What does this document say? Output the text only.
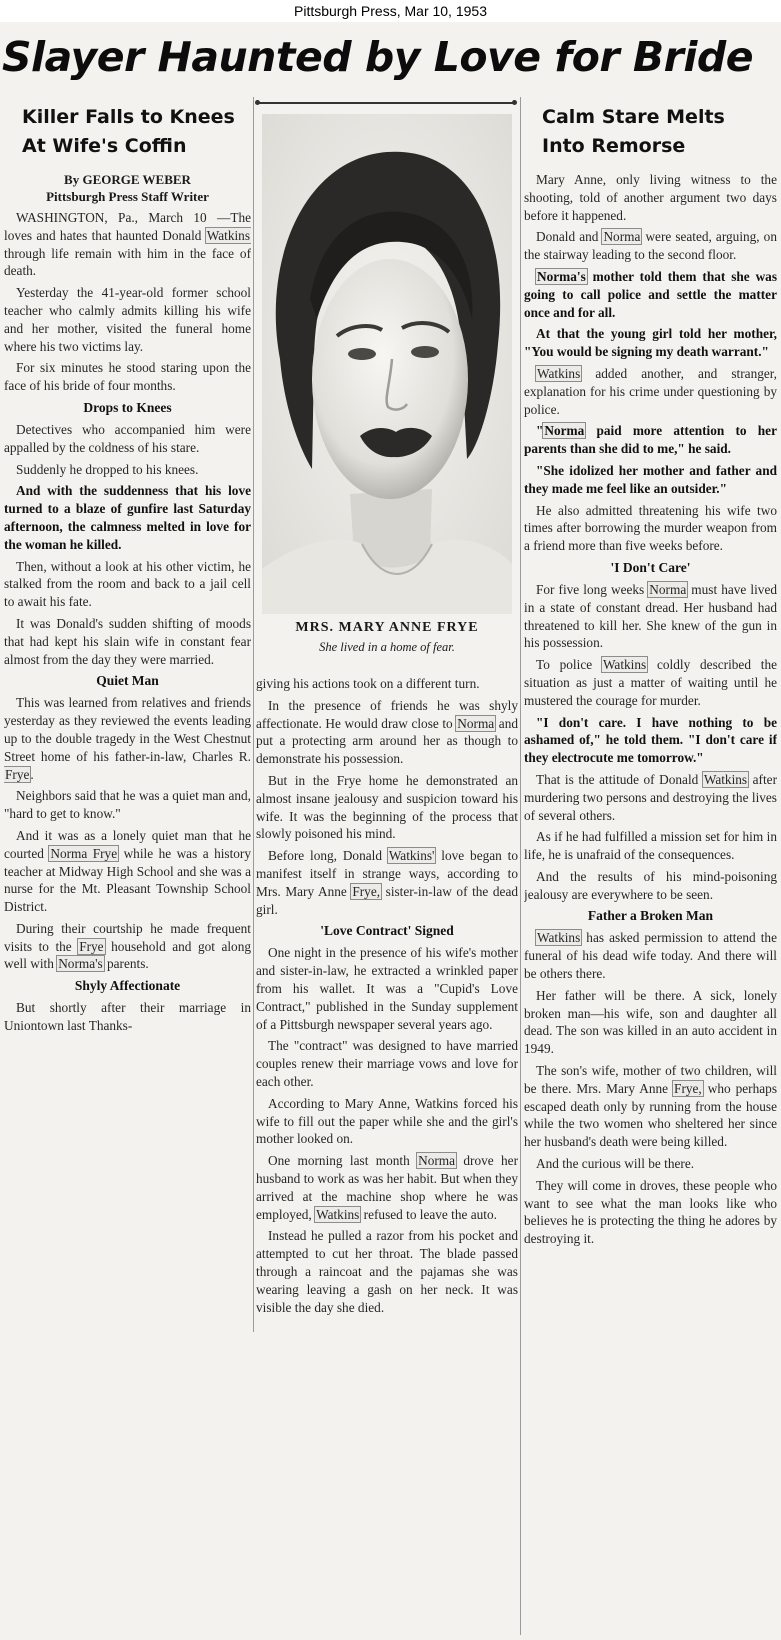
Pittsburgh Press, Mar 10, 1953
Slayer Haunted by Love for Bride
Killer Falls to Knees
At Wife's Coffin
By GEORGE WEBER
Pittsburgh Press Staff Writer

WASHINGTON, Pa., March 10 —The loves and hates that haunted Donald Watkins through life remain with him in the face of death.

Yesterday the 41-year-old former school teacher who calmly admits killing his wife and her mother, visited the funeral home where his two victims lay.

For six minutes he stood staring upon the face of his bride of four months.

Drops to Knees

Detectives who accompanied him were appalled by the coldness of his stare.

Suddenly he dropped to his knees.

And with the suddenness that his love turned to a blaze of gunfire last Saturday afternoon, the calmness melted in love for the woman he killed.

Then, without a look at his other victim, he stalked from the room and back to a jail cell to await his fate.

It was Donald's sudden shifting of moods that had kept his slain wife in constant fear almost from the day they were married.

Quiet Man

This was learned from relatives and friends yesterday as they reviewed the events leading up to the double tragedy in the West Chestnut Street home of his father-in-law, Charles R. Frye.

Neighbors said that he was a quiet man and, "hard to get to know."

And it was as a lonely quiet man that he courted Norma Frye while he was a history teacher at Midway High School and she was a nurse for the Mt. Pleasant Township School District.

During their courtship he made frequent visits to the Frye household and got along well with Norma's parents.

Shyly Affectionate

But shortly after their marriage in Uniontown last Thanks-

MRS. MARY ANNE FRYE
She lived in a home of fear.

giving his actions took on a different turn.

In the presence of friends he was shyly affectionate. He would draw close to Norma and put a protecting arm around her as though to demonstrate his possession.

But in the Frye home he demonstrated an almost insane jealousy and suspicion toward his wife. It was the beginning of the process that slowly poisoned his mind.

Before long, Donald Watkins' love began to manifest itself in strange ways, according to Mrs. Mary Anne Frye, sister-in-law of the dead girl.

'Love Contract' Signed

One night in the presence of his wife's mother and sister-in-law, he extracted a wrinkled paper from his wallet. It was a "Cupid's Love Contract," published in the Sunday supplement of a Pittsburgh newspaper several years ago.

The "contract" was designed to have married couples renew their marriage vows and love for each other.

According to Mary Anne, Watkins forced his wife to fill out the paper while she and the girl's mother looked on.

One morning last month Norma drove her husband to work as was her habit. But when they arrived at the machine shop where he was employed, Watkins refused to leave the auto.

Instead he pulled a razor from his pocket and attempted to cut her throat. The blade passed through a raincoat and the pajamas she was wearing leaving a gash on her neck. It was visible the day she died.

Calm Stare Melts
Into Remorse

Mary Anne, only living witness to the shooting, told of another argument two days before it happened.

Donald and Norma were seated, arguing, on the stairway leading to the second floor.

Norma's mother told them that she was going to call police and settle the matter once and for all.

At that the young girl told her mother, "You would be signing my death warrant."

Watkins added another, and stranger, explanation for his crime under questioning by police.

"Norma paid more attention to her parents than she did to me," he said.

"She idolized her mother and father and they made me feel like an outsider."

He also admitted threatening his wife two times after borrowing the murder weapon from a friend more than five weeks before.

'I Don't Care'

For five long weeks Norma must have lived in a state of constant dread. Her husband had threatened to kill her. She knew of the gun in his possession.

To police Watkins coldly described the situation as just a matter of waiting until he mustered the courage for murder.

"I don't care. I have nothing to be ashamed of," he told them. "I don't care if they electrocute me tomorrow."

That is the attitude of Donald Watkins after murdering two persons and destroying the lives of several others.

As if he had fulfilled a mission set for him in life, he is unafraid of the consequences.

And the results of his mind-poisoning jealousy are everywhere to be seen.

Father a Broken Man

Watkins has asked permission to attend the funeral of his dead wife today. And there will be others there.

Her father will be there. A sick, lonely broken man—his wife, son and daughter all dead. The son was killed in an auto accident in 1949.

The son's wife, mother of two children, will be there. Mrs. Mary Anne Frye, who perhaps escaped death only by running from the house while the two women who sheltered her since her husband's death were being killed.

And the curious will be there.

They will come in droves, these people who want to see what the man looks like who believes he is protecting the thing he adores by destroying it.
